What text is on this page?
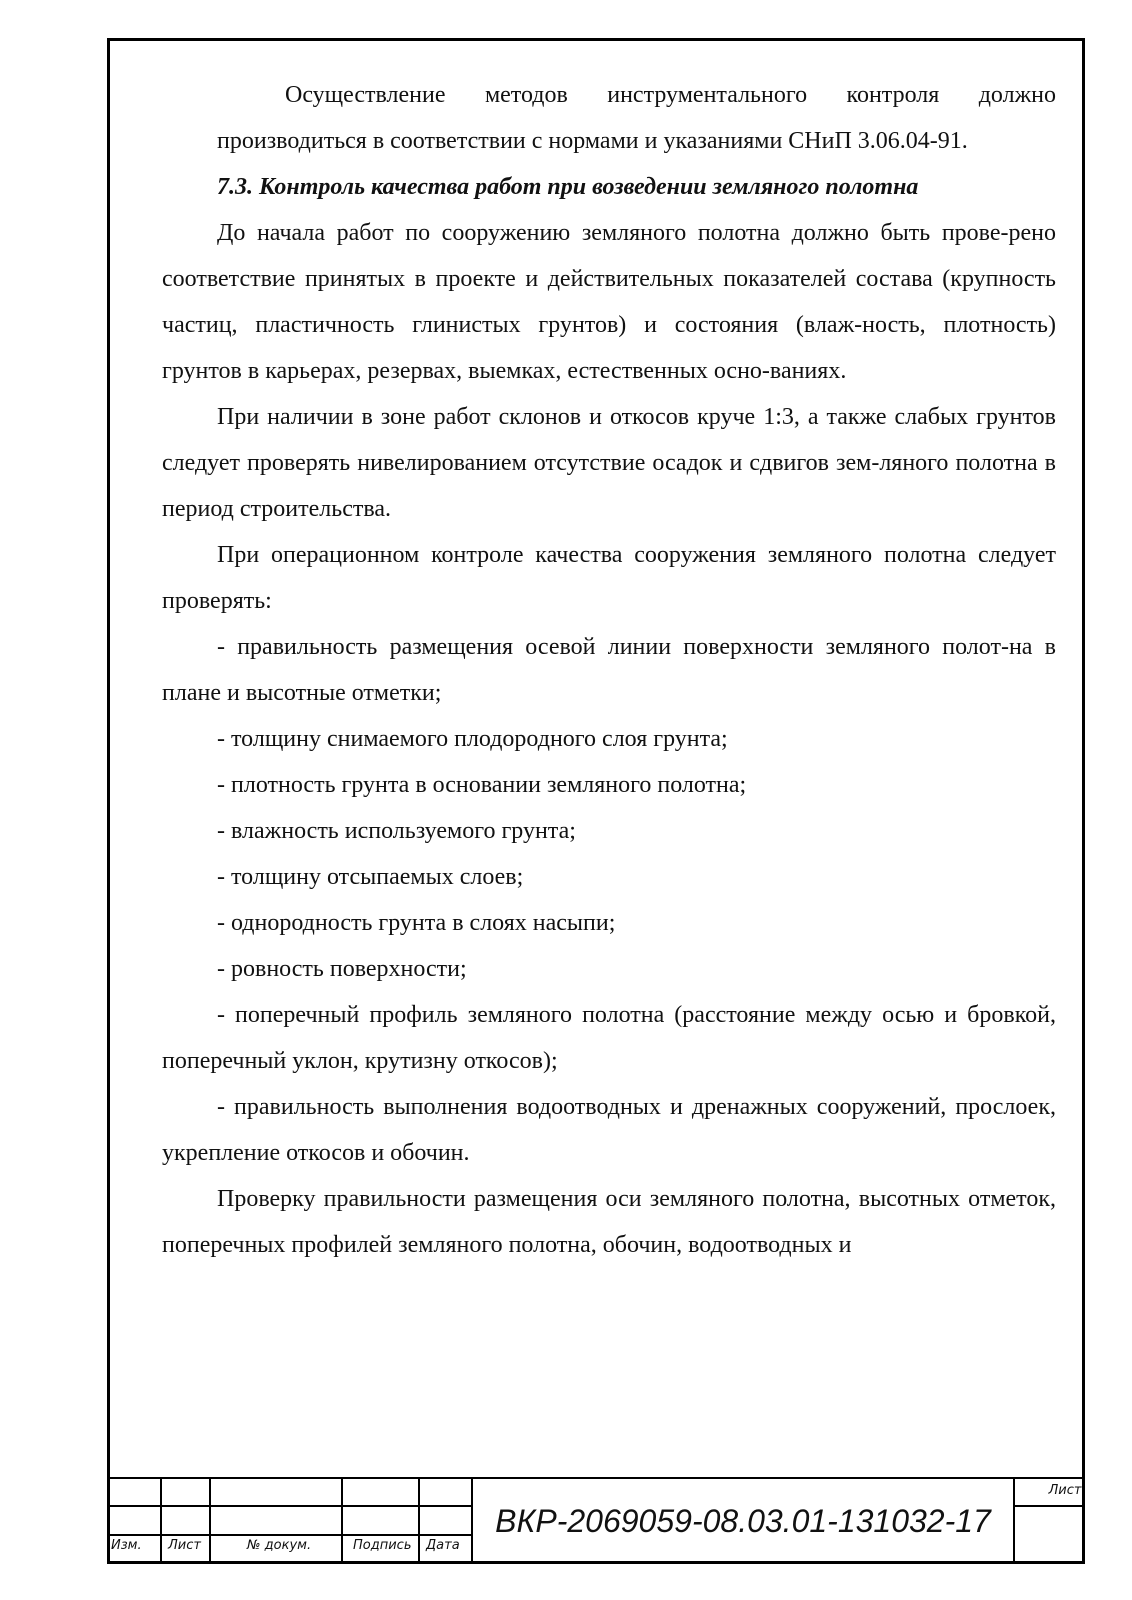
Осуществление методов инструментального контроля должно производиться в соответствии с нормами и указаниями СНиП 3.06.04-91.

7.3. Контроль качества работ при возведении земляного полотна

До начала работ по сооружению земляного полотна должно быть прове-рено соответствие принятых в проекте и действительных показателей состава (крупность частиц, пластичность глинистых грунтов) и состояния (влаж-ность, плотность) грунтов в карьерах, резервах, выемках, естественных осно-ваниях.

При наличии в зоне работ склонов и откосов круче 1:3, а также слабых грунтов следует проверять нивелированием отсутствие осадок и сдвигов зем-ляного полотна в период строительства.

При операционном контроле качества сооружения земляного полотна следует проверять:

- правильность размещения осевой линии поверхности земляного полот-на в плане и высотные отметки;

- толщину снимаемого плодородного слоя грунта;

- плотность грунта в основании земляного полотна;

- влажность используемого грунта;

- толщину отсыпаемых слоев;

- однородность грунта в слоях насыпи;

- ровность поверхности;

- поперечный профиль земляного полотна (расстояние между осью и бровкой, поперечный уклон, крутизну откосов);

- правильность выполнения водоотводных и дренажных сооружений, прослоек, укрепление откосов и обочин.

Проверку правильности размещения оси земляного полотна, высотных отметок, поперечных профилей земляного полотна, обочин, водоотводных и

Изм. Лист	№ докум.	Подпись Дата
ВКР-2069059-08.03.01-131032-17
Лист
